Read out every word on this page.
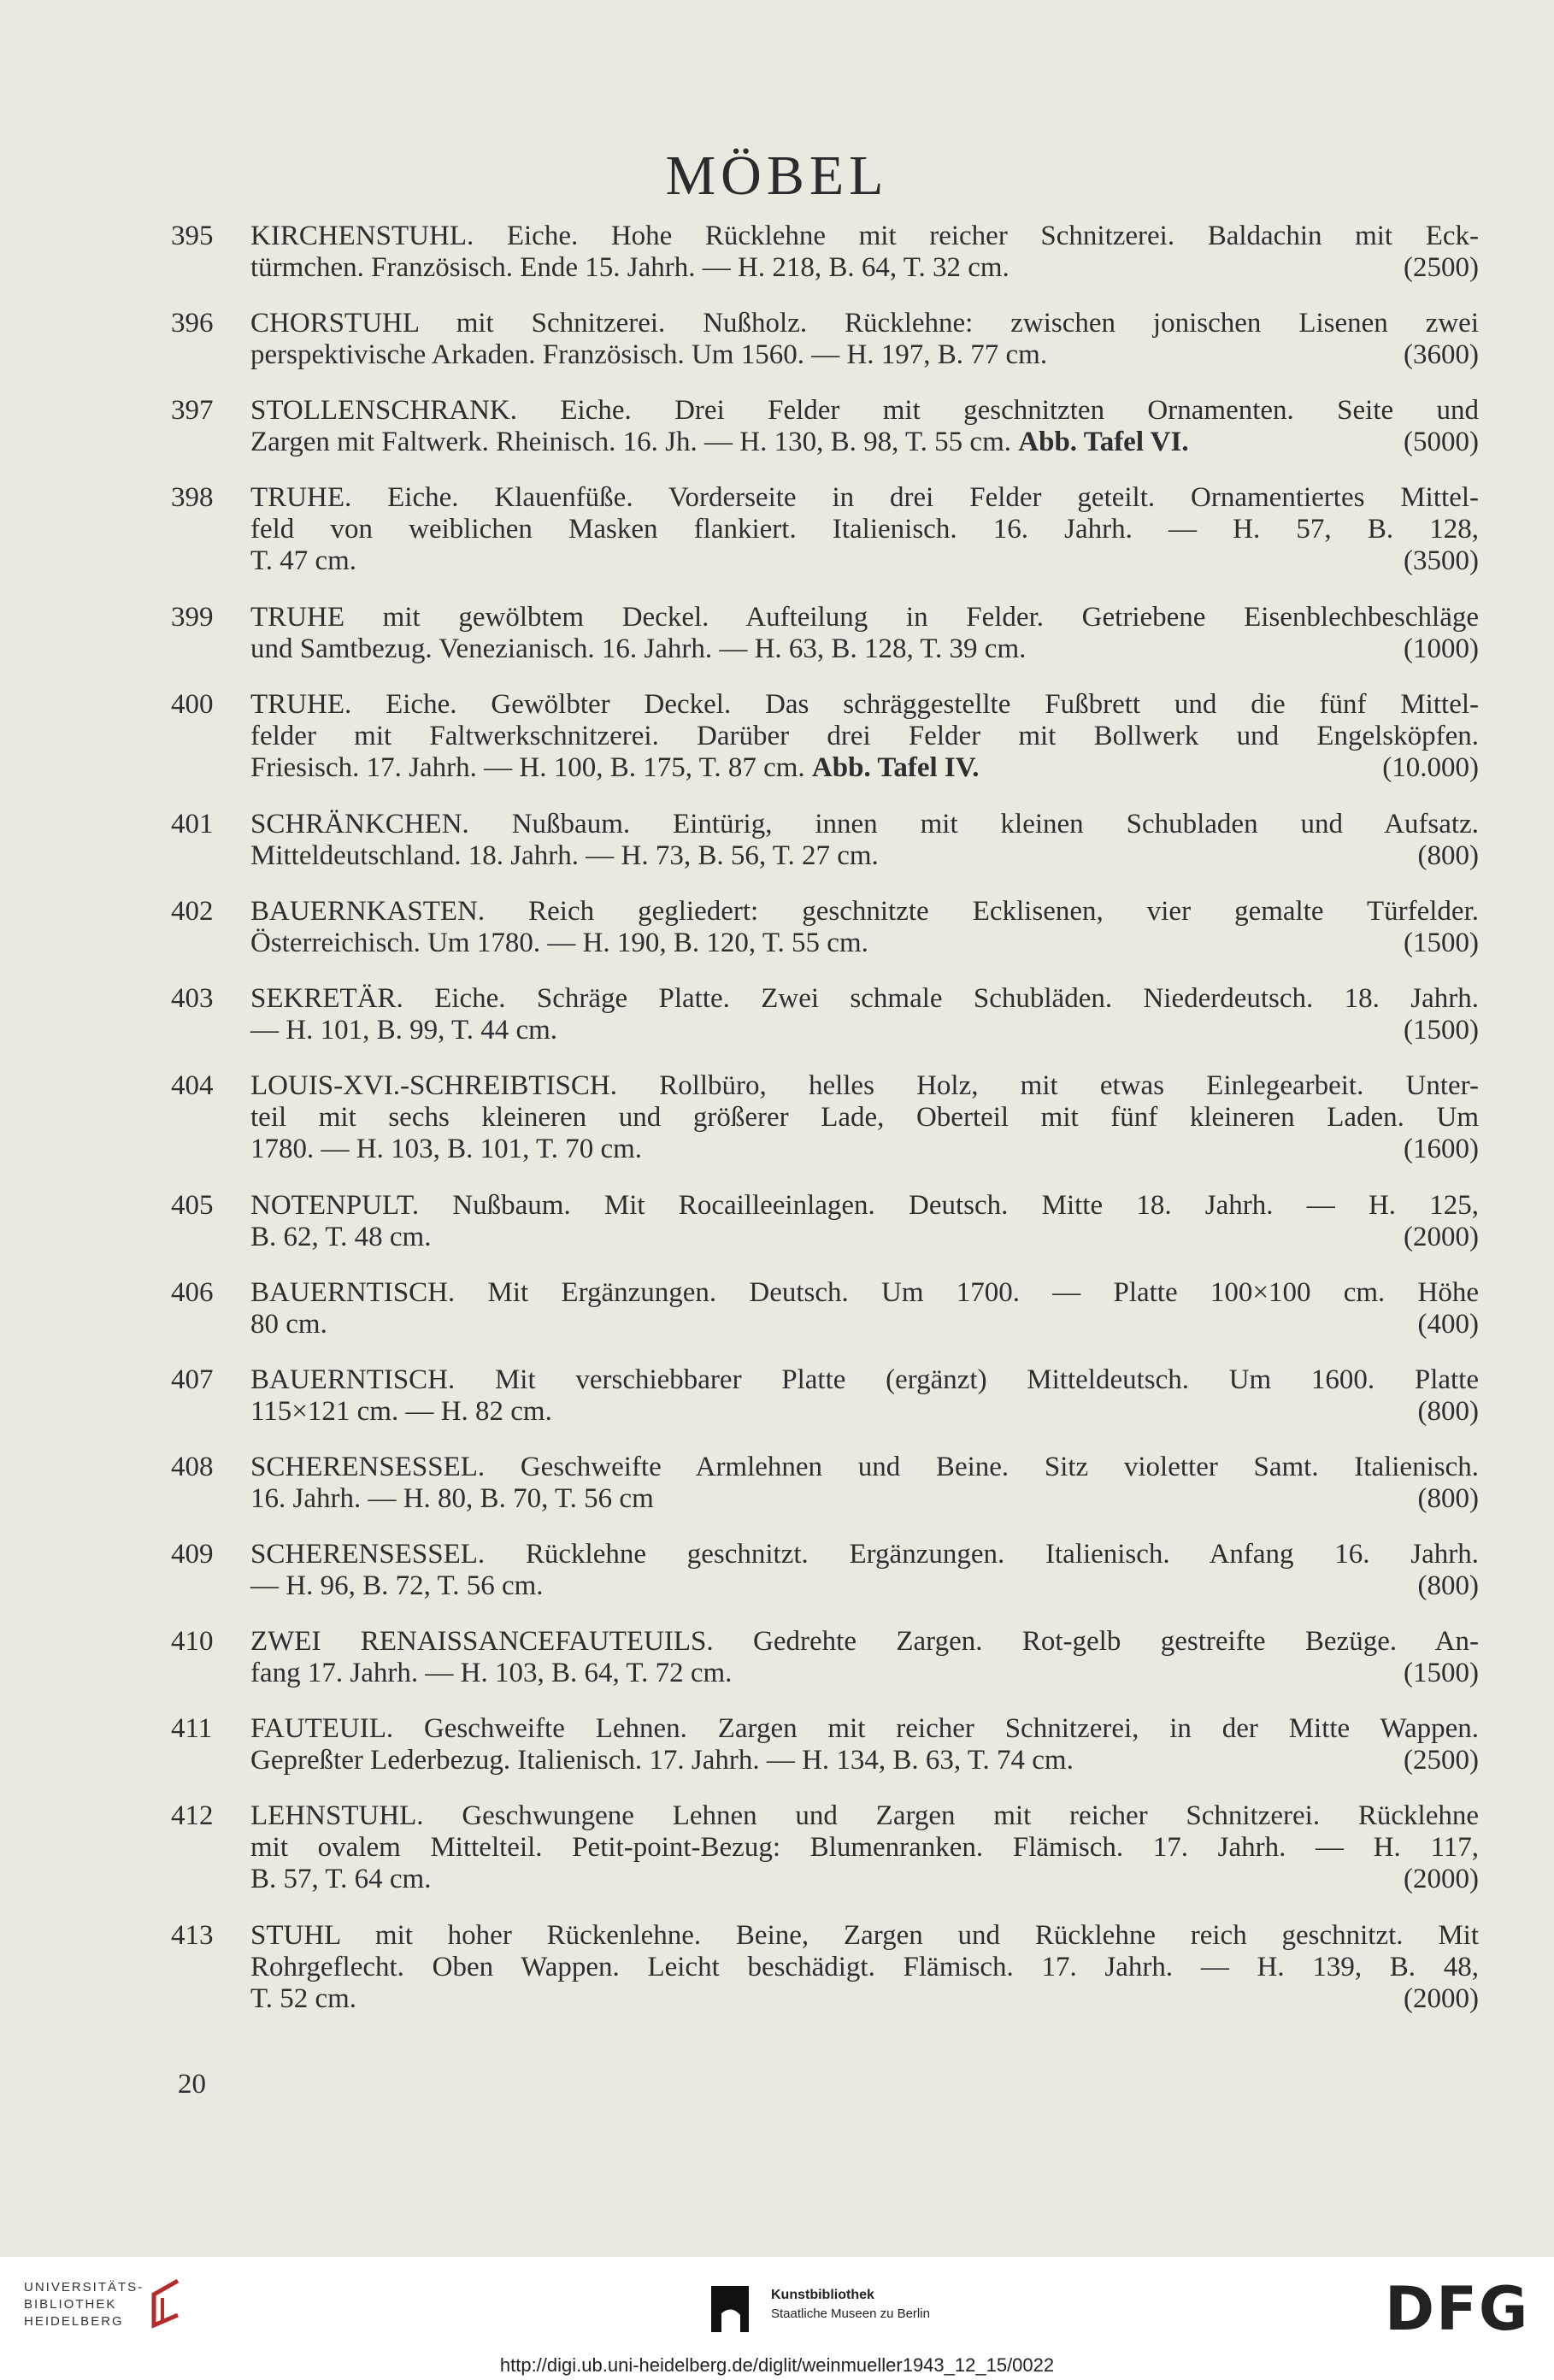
MÖBEL
395	KIRCHENSTUHL. Eiche. Hohe Rücklehne mit reicher Schnitzerei. Baldachin mit Eck-
türmchen. Französisch. Ende 15. Jahrh. — H. 218, B. 64, T. 32 cm.	(2500)
396	CHORSTUHL mit Schnitzerei. Nußholz. Rücklehne: zwischen jonischen Lisenen zwei
perspektivische Arkaden. Französisch. Um 1560. — H. 197, B. 77 cm.	(3600)
397	STOLLENSCHRANK. Eiche. Drei Felder mit geschnitzten Ornamenten. Seite und
Zargen mit Faltwerk. Rheinisch. 16. Jh. — H. 130, B. 98, T. 55 cm. Abb. Tafel VI.	(5000)
398	TRUHE. Eiche. Klauenfüße. Vorderseite in drei Felder geteilt. Ornamentiertes Mittel-
feld von weiblichen Masken flankiert. Italienisch. 16. Jahrh. — H. 57, B. 128,
T. 47 cm.	(3500)
399	TRUHE mit gewölbtem Deckel. Aufteilung in Felder. Getriebene Eisenblechbeschläge
und Samtbezug. Venezianisch. 16. Jahrh. — H. 63, B. 128, T. 39 cm.	(1000)
400	TRUHE. Eiche. Gewölbter Deckel. Das schräggestellte Fußbrett und die fünf Mittel-
felder mit Faltwerkschnitzerei. Darüber drei Felder mit Bollwerk und Engelsköpfen.
Friesisch. 17. Jahrh. — H. 100, B. 175, T. 87 cm. Abb. Tafel IV.	(10.000)
401	SCHRÄNKCHEN. Nußbaum. Eintürig, innen mit kleinen Schubladen und Aufsatz.
Mitteldeutschland. 18. Jahrh. — H. 73, B. 56, T. 27 cm.	(800)
402	BAUERNKASTEN. Reich gegliedert: geschnitzte Ecklisenen, vier gemalte Türfelder.
Österreichisch. Um 1780. — H. 190, B. 120, T. 55 cm.	(1500)
403	SEKRETÄR. Eiche. Schräge Platte. Zwei schmale Schubläden. Niederdeutsch. 18. Jahrh.
— H. 101, B. 99, T. 44 cm.	(1500)
404	LOUIS-XVI.-SCHREIBTISCH. Rollbüro, helles Holz, mit etwas Einlegearbeit. Unter-
teil mit sechs kleineren und größerer Lade, Oberteil mit fünf kleineren Laden. Um
1780. — H. 103, B. 101, T. 70 cm.	(1600)
405	NOTENPULT. Nußbaum. Mit Rocailleeinlagen. Deutsch. Mitte 18. Jahrh. — H. 125,
B. 62, T. 48 cm.	(2000)
406	BAUERNTISCH. Mit Ergänzungen. Deutsch. Um 1700. — Platte 100×100 cm. Höhe
80 cm.	(400)
407	BAUERNTISCH. Mit verschiebbarer Platte (ergänzt) Mitteldeutsch. Um 1600. Platte
115×121 cm. — H. 82 cm.	(800)
408	SCHERENSESSEL. Geschweifte Armlehnen und Beine. Sitz violetter Samt. Italienisch.
16. Jahrh. — H. 80, B. 70, T. 56 cm	(800)
409	SCHERENSESSEL. Rücklehne geschnitzt. Ergänzungen. Italienisch. Anfang 16. Jahrh.
— H. 96, B. 72, T. 56 cm.	(800)
410	ZWEI RENAISSANCEFAUTEUILS. Gedrehte Zargen. Rot-gelb gestreifte Bezüge. An-
fang 17. Jahrh. — H. 103, B. 64, T. 72 cm.	(1500)
411	FAUTEUIL. Geschweifte Lehnen. Zargen mit reicher Schnitzerei, in der Mitte Wappen.
Gepreßter Lederbezug. Italienisch. 17. Jahrh. — H. 134, B. 63, T. 74 cm.	(2500)
412	LEHNSTUHL. Geschwungene Lehnen und Zargen mit reicher Schnitzerei. Rücklehne
mit ovalem Mittelteil. Petit-point-Bezug: Blumenranken. Flämisch. 17. Jahrh. — H. 117,
B. 57, T. 64 cm.	(2000)
413	STUHL mit hoher Rückenlehne. Beine, Zargen und Rücklehne reich geschnitzt. Mit
Rohrgeflecht. Oben Wappen. Leicht beschädigt. Flämisch. 17. Jahrh. — H. 139, B. 48,
T. 52 cm.	(2000)
20
UNIVERSITÄTS-
BIBLIOTHEK
HEIDELBERG
Kunstbibliothek
Staatliche Museen zu Berlin	DFG
http://digi.ub.uni-heidelberg.de/diglit/weinmueller1943_12_15/0022
